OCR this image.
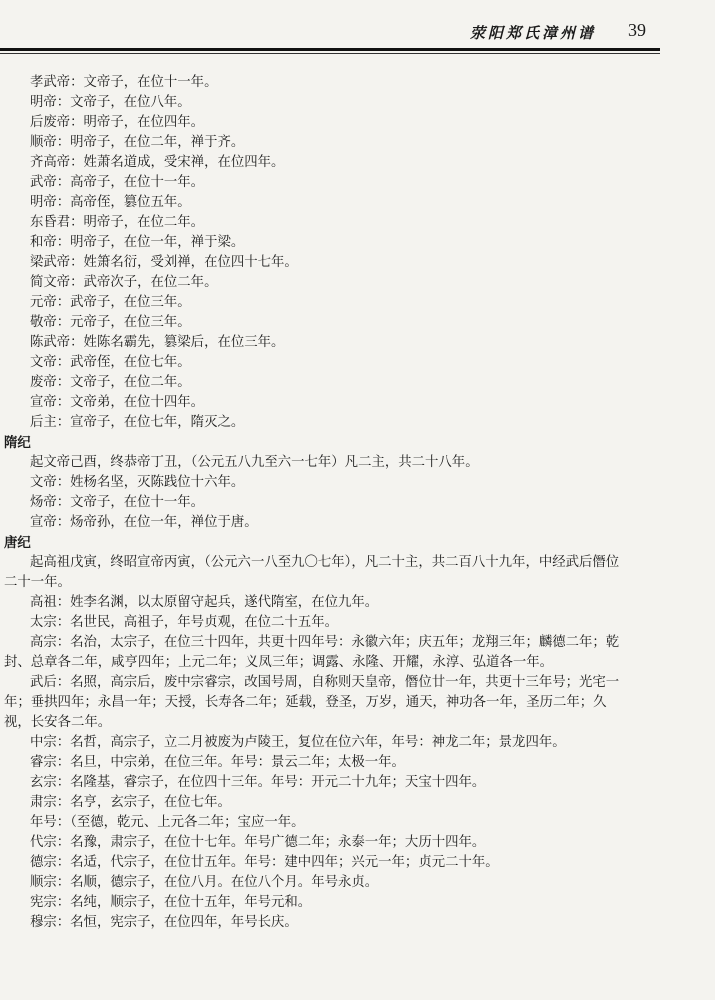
荥阳郑氏漳州谱 39
孝武帝：文帝子，在位十一年。
明帝：文帝子，在位八年。
后废帝：明帝子，在位四年。
顺帝：明帝子，在位二年，禅于齐。
齐高帝：姓萧名道成，受宋禅，在位四年。
武帝：高帝子，在位十一年。
明帝：高帝侄，篡位五年。
东昏君：明帝子，在位二年。
和帝：明帝子，在位一年，禅于梁。
梁武帝：姓箫名衍，受刘禅，在位四十七年。
简文帝：武帝次子，在位二年。
元帝：武帝子，在位三年。
敬帝：元帝子，在位三年。
陈武帝：姓陈名霸先，篡梁后，在位三年。
文帝：武帝侄，在位七年。
废帝：文帝子，在位二年。
宣帝：文帝弟，在位十四年。
后主：宣帝子，在位七年，隋灭之。
隋纪
起文帝己酉，终恭帝丁丑，（公元五八九至六一七年）凡二主，共二十八年。
文帝：姓杨名坚，灭陈践位十六年。
炀帝：文帝子，在位十一年。
宣帝：炀帝孙，在位一年，禅位于唐。
唐纪
起高祖戊寅，终昭宣帝丙寅，（公元六一八至九〇七年），凡二十主，共二百八十九年，中经武后僭位
二十一年。
高祖：姓李名渊，以太原留守起兵，遂代隋室，在位九年。
太宗：名世民，高祖子，年号贞观，在位二十五年。
高宗：名治，太宗子，在位三十四年，共更十四年号：永徽六年；庆五年；龙翔三年；麟德二年；乾
封、总章各二年，咸亨四年；上元二年；义凤三年；调露、永隆、开耀，永淳、弘道各一年。
武后：名照，高宗后，废中宗睿宗，改国号周，自称则天皇帝，僭位廿一年，共更十三年号；光宅一
年；垂拱四年；永昌一年；天授，长寿各二年；延载，登圣，万岁，通天，神功各一年，圣历二年；久
视，长安各二年。
中宗：名哲，高宗子，立二月被废为卢陵王，复位在位六年，年号：神龙二年；景龙四年。
睿宗：名旦，中宗弟，在位三年。年号：景云二年；太极一年。
玄宗：名隆基，睿宗子，在位四十三年。年号：开元二十九年；天宝十四年。
肃宗：名亨，玄宗子，在位七年。
年号：（至德，乾元、上元各二年；宝应一年。
代宗：名豫，肃宗子，在位十七年。年号广德二年；永泰一年；大历十四年。
德宗：名适，代宗子，在位廿五年。年号：建中四年；兴元一年；贞元二十年。
顺宗：名顺，德宗子，在位八月。在位八个月。年号永贞。
宪宗：名纯，顺宗子，在位十五年，年号元和。
穆宗：名恒，宪宗子，在位四年，年号长庆。
